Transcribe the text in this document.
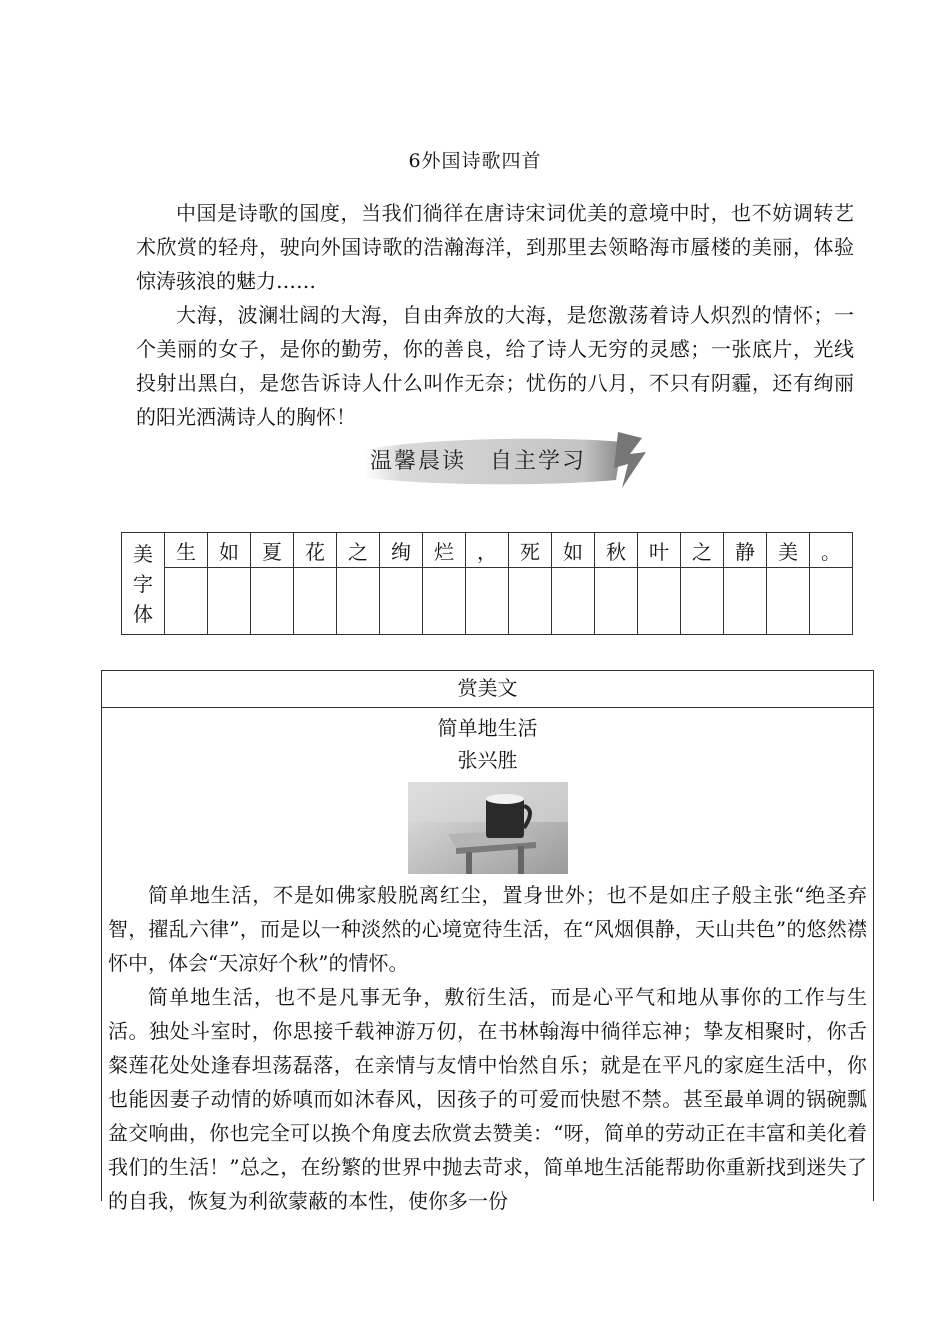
6外国诗歌四首

中国是诗歌的国度，当我们徜徉在唐诗宋词优美的意境中时，也不妨调转艺术欣赏的轻舟，驶向外国诗歌的浩瀚海洋，到那里去领略海市蜃楼的美丽，体验惊涛骇浪的魅力……

大海，波澜壮阔的大海，自由奔放的大海，是您激荡着诗人炽烈的情怀；一个美丽的女子，是你的勤劳，你的善良，给了诗人无穷的灵感；一张底片，光线投射出黑白，是您告诉诗人什么叫作无奈；忧伤的八月，不只有阴霾，还有绚丽的阳光洒满诗人的胸怀！

温馨晨读　自主学习
美字体	生	如	夏	花	之	绚	烂	，	死	如	秋	叶	之	静	美	。

赏美文
简单地生活
张兴胜

简单地生活，不是如佛家般脱离红尘，置身世外；也不是如庄子般主张“绝圣弃智，擢乱六律”，而是以一种淡然的心境宽待生活，在“风烟俱静，天山共色”的悠然襟怀中，体会“天凉好个秋”的情怀。

简单地生活，也不是凡事无争，敷衍生活，而是心平气和地从事你的工作与生活。独处斗室时，你思接千载神游万仞，在书林翰海中徜徉忘神；挚友相聚时，你舌粲莲花处处逢春坦荡磊落，在亲情与友情中怡然自乐；就是在平凡的家庭生活中，你也能因妻子动情的娇嗔而如沐春风，因孩子的可爱而快慰不禁。甚至最单调的锅碗瓢盆交响曲，你也完全可以换个角度去欣赏去赞美：“呀，简单的劳动正在丰富和美化着我们的生活！”总之，在纷繁的世界中抛去苛求，简单地生活能帮助你重新找到迷失了的自我，恢复为利欲蒙蔽的本性，使你多一份
